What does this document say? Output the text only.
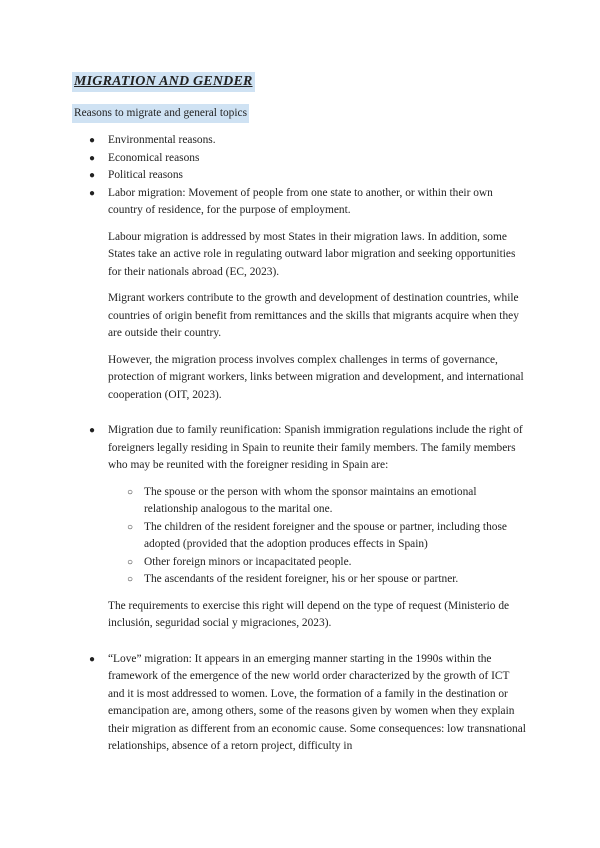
MIGRATION AND GENDER
Reasons to migrate and general topics
● Environmental reasons.
● Economical reasons
● Political reasons
● Labor migration: Movement of people from one state to another, or within their own country of residence, for the purpose of employment.

Labour migration is addressed by most States in their migration laws. In addition, some States take an active role in regulating outward labor migration and seeking opportunities for their nationals abroad (EC, 2023).

Migrant workers contribute to the growth and development of destination countries, while countries of origin benefit from remittances and the skills that migrants acquire when they are outside their country.

However, the migration process involves complex challenges in terms of governance, protection of migrant workers, links between migration and development, and international cooperation (OIT, 2023).

● Migration due to family reunification: Spanish immigration regulations include the right of foreigners legally residing in Spain to reunite their family members. The family members who may be reunited with the foreigner residing in Spain are:
○ The spouse or the person with whom the sponsor maintains an emotional relationship analogous to the marital one.
○ The children of the resident foreigner and the spouse or partner, including those adopted (provided that the adoption produces effects in Spain)
○ Other foreign minors or incapacitated people.
○ The ascendants of the resident foreigner, his or her spouse or partner.

The requirements to exercise this right will depend on the type of request (Ministerio de inclusión, seguridad social y migraciones, 2023).

● “Love” migration: It appears in an emerging manner starting in the 1990s within the framework of the emergence of the new world order characterized by the growth of ICT and it is most addressed to women. Love, the formation of a family in the destination or emancipation are, among others, some of the reasons given by women when they explain their migration as different from an economic cause. Some consequences: low transnational relationships, absence of a retorn project, difficulty in
